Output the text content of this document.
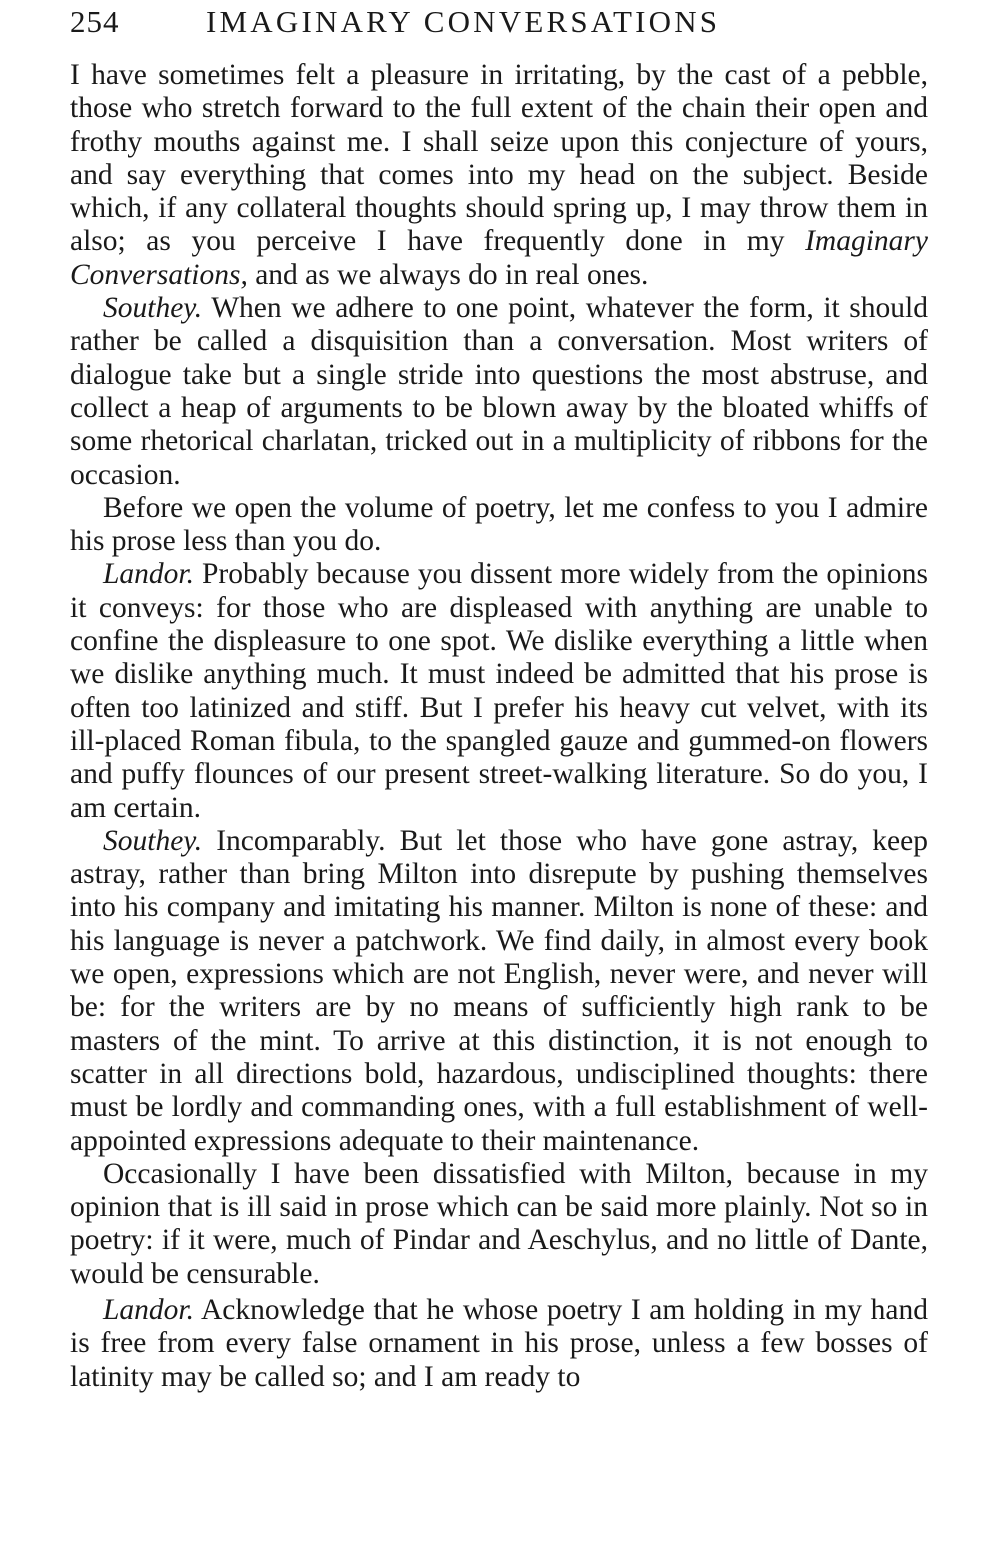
254	IMAGINARY CONVERSATIONS

I have sometimes felt a pleasure in irritating, by the cast of a pebble, those who stretch forward to the full extent of the chain their open and frothy mouths against me. I shall seize upon this conjecture of yours, and say everything that comes into my head on the subject. Beside which, if any collateral thoughts should spring up, I may throw them in also; as you perceive I have frequently done in my Imaginary Conversations, and as we always do in real ones.

Southey. When we adhere to one point, whatever the form, it should rather be called a disquisition than a conversation. Most writers of dialogue take but a single stride into questions the most abstruse, and collect a heap of arguments to be blown away by the bloated whiffs of some rhetorical charlatan, tricked out in a multiplicity of ribbons for the occasion.

Before we open the volume of poetry, let me confess to you I admire his prose less than you do.

Landor. Probably because you dissent more widely from the opinions it conveys: for those who are displeased with anything are unable to confine the displeasure to one spot. We dislike everything a little when we dislike anything much. It must indeed be admitted that his prose is often too latinized and stiff. But I prefer his heavy cut velvet, with its ill-placed Roman fibula, to the spangled gauze and gummed-on flowers and puffy flounces of our present street-walking literature. So do you, I am certain.

Southey. Incomparably. But let those who have gone astray, keep astray, rather than bring Milton into disrepute by pushing themselves into his company and imitating his manner. Milton is none of these: and his language is never a patchwork. We find daily, in almost every book we open, expressions which are not English, never were, and never will be: for the writers are by no means of sufficiently high rank to be masters of the mint. To arrive at this distinction, it is not enough to scatter in all directions bold, hazardous, undisciplined thoughts: there must be lordly and commanding ones, with a full establishment of well-appointed expressions adequate to their maintenance.

Occasionally I have been dissatisfied with Milton, because in my opinion that is ill said in prose which can be said more plainly. Not so in poetry: if it were, much of Pindar and Aeschylus, and no little of Dante, would be censurable.

Landor. Acknowledge that he whose poetry I am holding in my hand is free from every false ornament in his prose, unless a few bosses of latinity may be called so; and I am ready to
